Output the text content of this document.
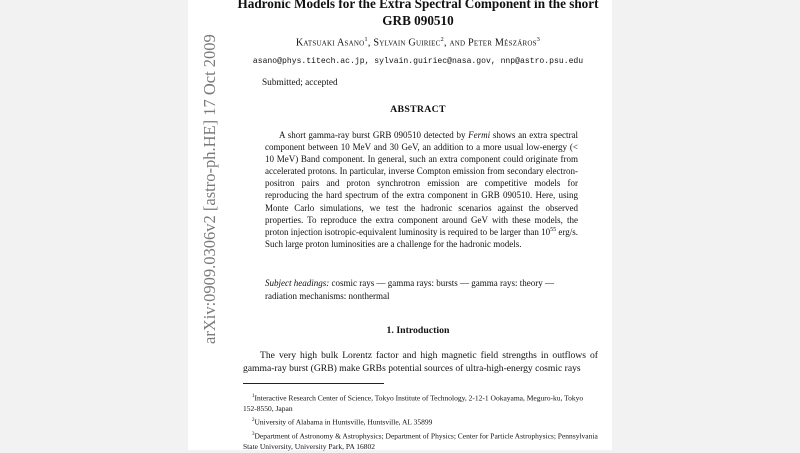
arXiv:0909.0306v2 [astro-ph.HE] 17 Oct 2009
Hadronic Models for the Extra Spectral Component in the short
GRB 090510
Katsuaki Asano$^1$, Sylvain Guiriec$^2$, and Peter Mészáros$^3$
asano@phys.titech.ac.jp, sylvain.guiriec@nasa.gov, nnp@astro.psu.edu
Submitted; accepted
ABSTRACT
A short gamma-ray burst GRB 090510 detected by Fermi shows an extra spectral component between 10 MeV and 30 GeV, an addition to a more usual low-energy (< 10 MeV) Band component. In general, such an extra component could originate from accelerated protons. In particular, inverse Compton emission from secondary electron-positron pairs and proton synchrotron emission are competitive models for reproducing the hard spectrum of the extra component in GRB 090510. Here, using Monte Carlo simulations, we test the hadronic scenarios against the observed properties. To reproduce the extra component around GeV with these models, the proton injection isotropic-equivalent luminosity is required to be larger than $10^{55}$ erg/s. Such large proton luminosities are a challenge for the hadronic models.
Subject headings: cosmic rays — gamma rays: bursts — gamma rays: theory — radiation mechanisms: nonthermal
1. Introduction
The very high bulk Lorentz factor and high magnetic field strengths in outflows of gamma-ray burst (GRB) make GRBs potential sources of ultra-high-energy cosmic rays
$^1$Interactive Research Center of Science, Tokyo Institute of Technology, 2-12-1 Ookayama, Meguro-ku, Tokyo 152-8550, Japan
$^2$University of Alabama in Huntsville, Huntsville, AL 35899
$^3$Department of Astronomy & Astrophysics; Department of Physics; Center for Particle Astrophysics; Pennsylvania State University, University Park, PA 16802
